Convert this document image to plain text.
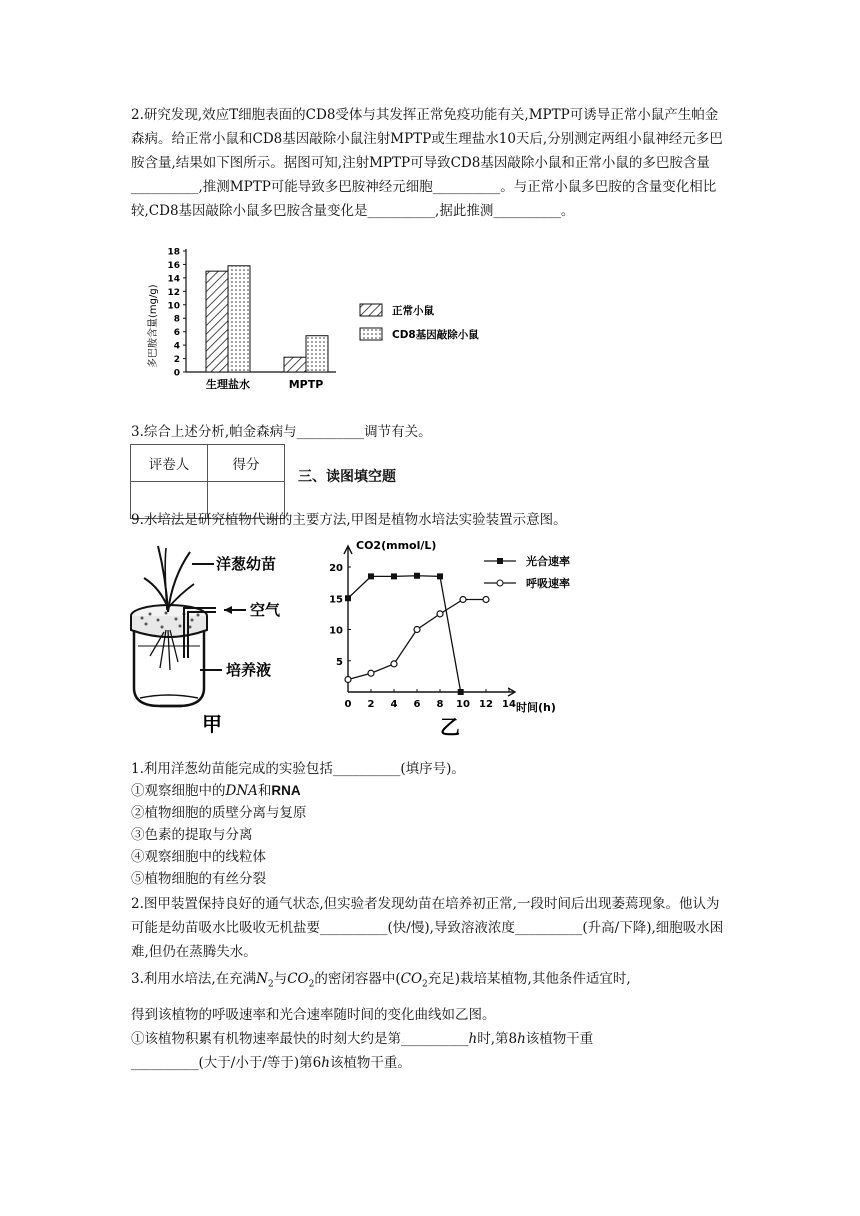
2.研究发现,效应T细胞表面的CD8受体与其发挥正常免疫功能有关,MPTP可诱导正常小鼠产生帕金森病。给正常小鼠和CD8基因敲除小鼠注射MPTP或生理盐水10天后,分别测定两组小鼠神经元多巴胺含量,结果如下图所示。据图可知,注射MPTP可导致CD8基因敲除小鼠和正常小鼠的多巴胺含量__________,推测MPTP可能导致多巴胺神经元细胞__________。与正常小鼠多巴胺的含量变化相比较,CD8基因敲除小鼠多巴胺含量变化是__________,据此推测__________。

0
2
4
6
8
10
12
14
16
18
生理盐水	MPTP
多巴胺含量(mg/g)	正常小鼠
CD8基因敲除小鼠
3.综合上述分析,帕金森病与__________调节有关。
评卷人	得分

三、读图填空题
9.水培法是研究植物代谢的主要方法,甲图是植物水培法实验装置示意图。
洋葱幼苗
空气
培养液
甲
0 2 4 6 8 10 12 14
5
10
15
20
光合速率
呼吸速率
CO2(mmol/L)
时间(h)
乙
1.利用洋葱幼苗能完成的实验包括__________(填序号)。
①观察细胞中的DNA和RNA
②植物细胞的质壁分离与复原
③色素的提取与分离
④观察细胞中的线粒体
⑤植物细胞的有丝分裂

2.图甲装置保持良好的通气状态,但实验者发现幼苗在培养初正常,一段时间后出现萎蔫现象。他认为可能是幼苗吸水比吸收无机盐要__________(快/慢),导致溶液浓度__________(升高/下降),细胞吸水困难,但仍在蒸腾失水。

3.利用水培法,在充满$N_2$与$CO_2$的密闭容器中($CO_2$充足)栽培某植物,其他条件适宜时,
得到该植物的呼吸速率和光合速率随时间的变化曲线如乙图。
①该植物积累有机物速率最快的时刻大约是第__________h时,第8h该植物干重
__________(大于/小于/等于)第6h该植物干重。
